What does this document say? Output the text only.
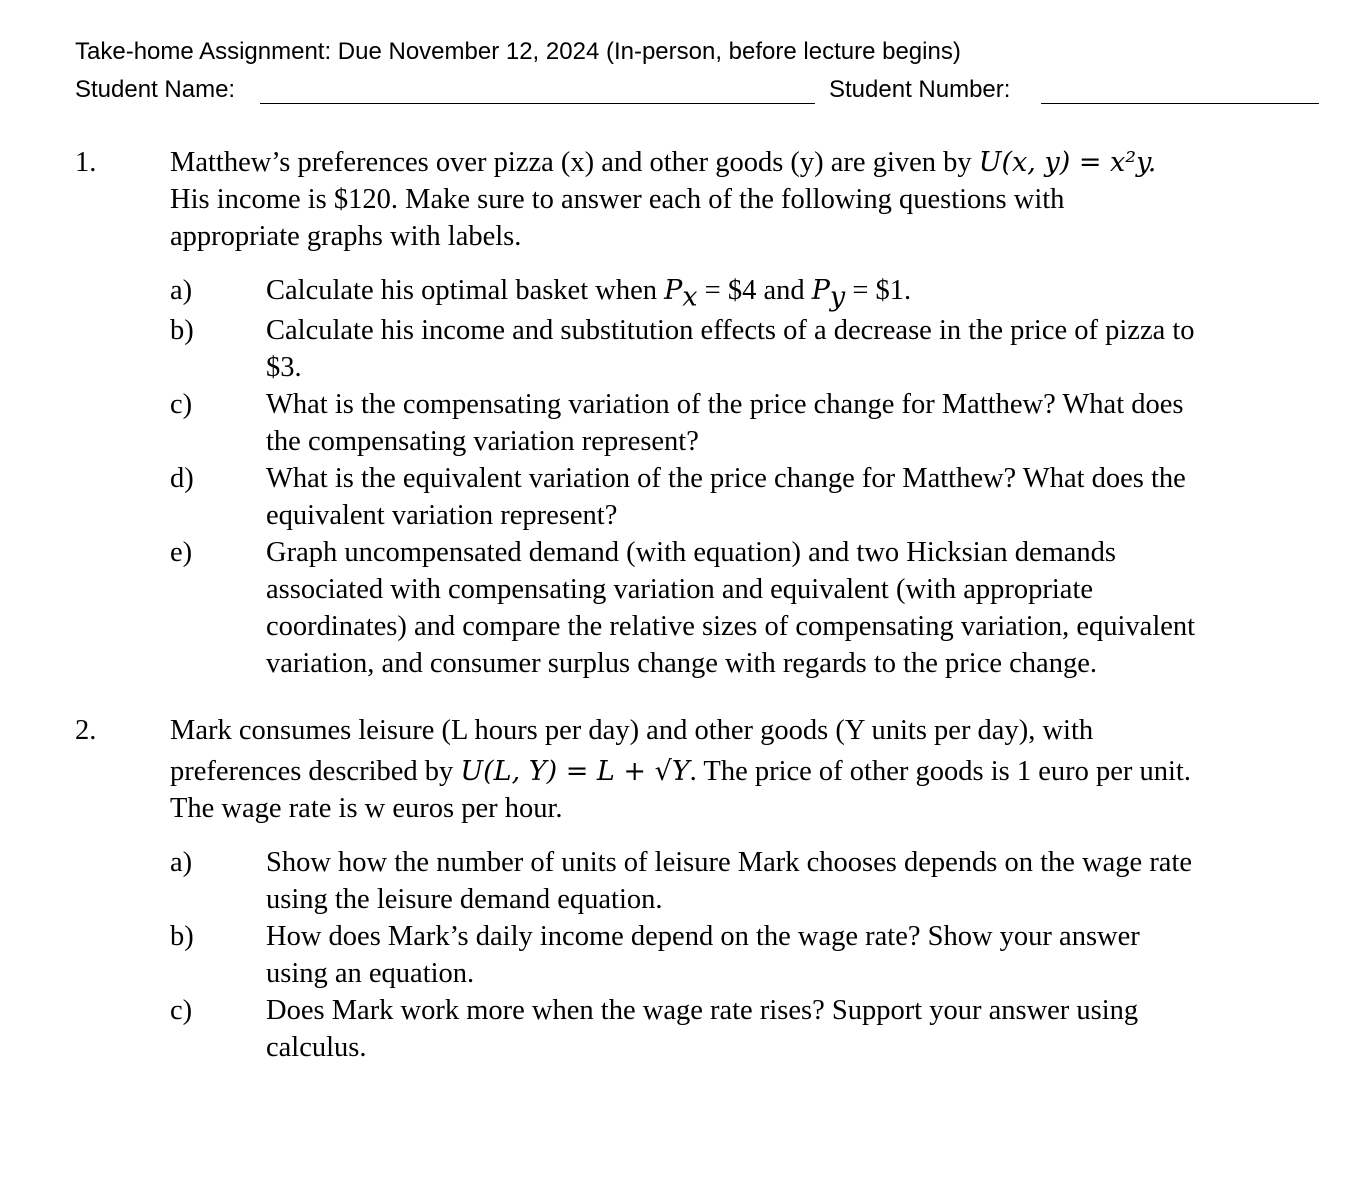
Take-home Assignment: Due November 12, 2024 (In-person, before lecture begins)
Student Name:	Student Number:
1.	Matthew’s preferences over pizza (x) and other goods (y) are given by U(x, y) = x²y.
His income is $120. Make sure to answer each of the following questions with
appropriate graphs with labels.
a)	Calculate his optimal basket when $P_x$ = $4 and $P_y$ = $1.
b)	Calculate his income and substitution effects of a decrease in the price of pizza to
$3.
c)	What is the compensating variation of the price change for Matthew? What does
the compensating variation represent?
d)	What is the equivalent variation of the price change for Matthew? What does the
equivalent variation represent?
e)	Graph uncompensated demand (with equation) and two Hicksian demands
associated with compensating variation and equivalent (with appropriate
coordinates) and compare the relative sizes of compensating variation, equivalent
variation, and consumer surplus change with regards to the price change.
2.	Mark consumes leisure (L hours per day) and other goods (Y units per day), with
preferences described by U(L, Y) = L + √Y. The price of other goods is 1 euro per unit.
The wage rate is w euros per hour.
a)	Show how the number of units of leisure Mark chooses depends on the wage rate
using the leisure demand equation.
b)	How does Mark’s daily income depend on the wage rate? Show your answer
using an equation.
c)	Does Mark work more when the wage rate rises? Support your answer using
calculus.
